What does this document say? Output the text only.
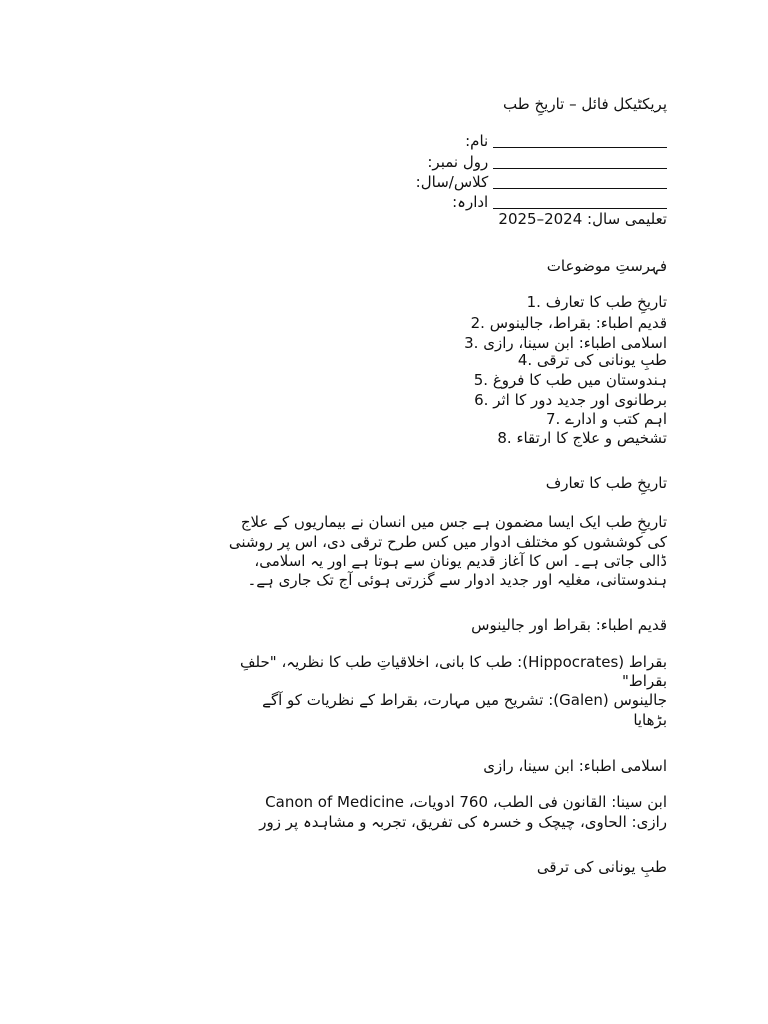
پریکٹیکل فائل – تاریخِ طب
نام:
رول نمبر:
کلاس/سال:
ادارہ:
تعلیمی سال: 2024–2025
فہرستِ موضوعات
1. تاریخِ طب کا تعارف
2. قدیم اطباء: بقراط، جالینوس
3. اسلامی اطباء: ابن سینا، رازی
4. طبِ یونانی کی ترقی
5. ہندوستان میں طب کا فروغ
6. برطانوی اور جدید دور کا اثر
7. اہم کتب و ادارے
8. تشخیص و علاج کا ارتقاء
تاریخِ طب کا تعارف
تاریخِ طب ایک ایسا مضمون ہے جس میں انسان نے بیماریوں کے علاج
کی کوششوں کو مختلف ادوار میں کس طرح ترقی دی، اس پر روشنی
ڈالی جاتی ہے۔ اس کا آغاز قدیم یونان سے ہوتا ہے اور یہ اسلامی،
ہندوستانی، مغلیہ اور جدید ادوار سے گزرتی ہوئی آج تک جاری ہے۔
قدیم اطباء: بقراط اور جالینوس
بقراط (Hippocrates): طب کا بانی، اخلاقیاتِ طب کا نظریہ، "حلفِ
بقراط"
جالینوس (Galen): تشریح میں مہارت، بقراط کے نظریات کو آگے
بڑھایا
اسلامی اطباء: ابن سینا، رازی
ابن سینا: القانون فی الطب، 760 ادویات، Canon of Medicine
رازی: الحاوی، چیچک و خسرہ کی تفریق، تجربہ و مشاہدہ پر زور
طبِ یونانی کی ترقی
